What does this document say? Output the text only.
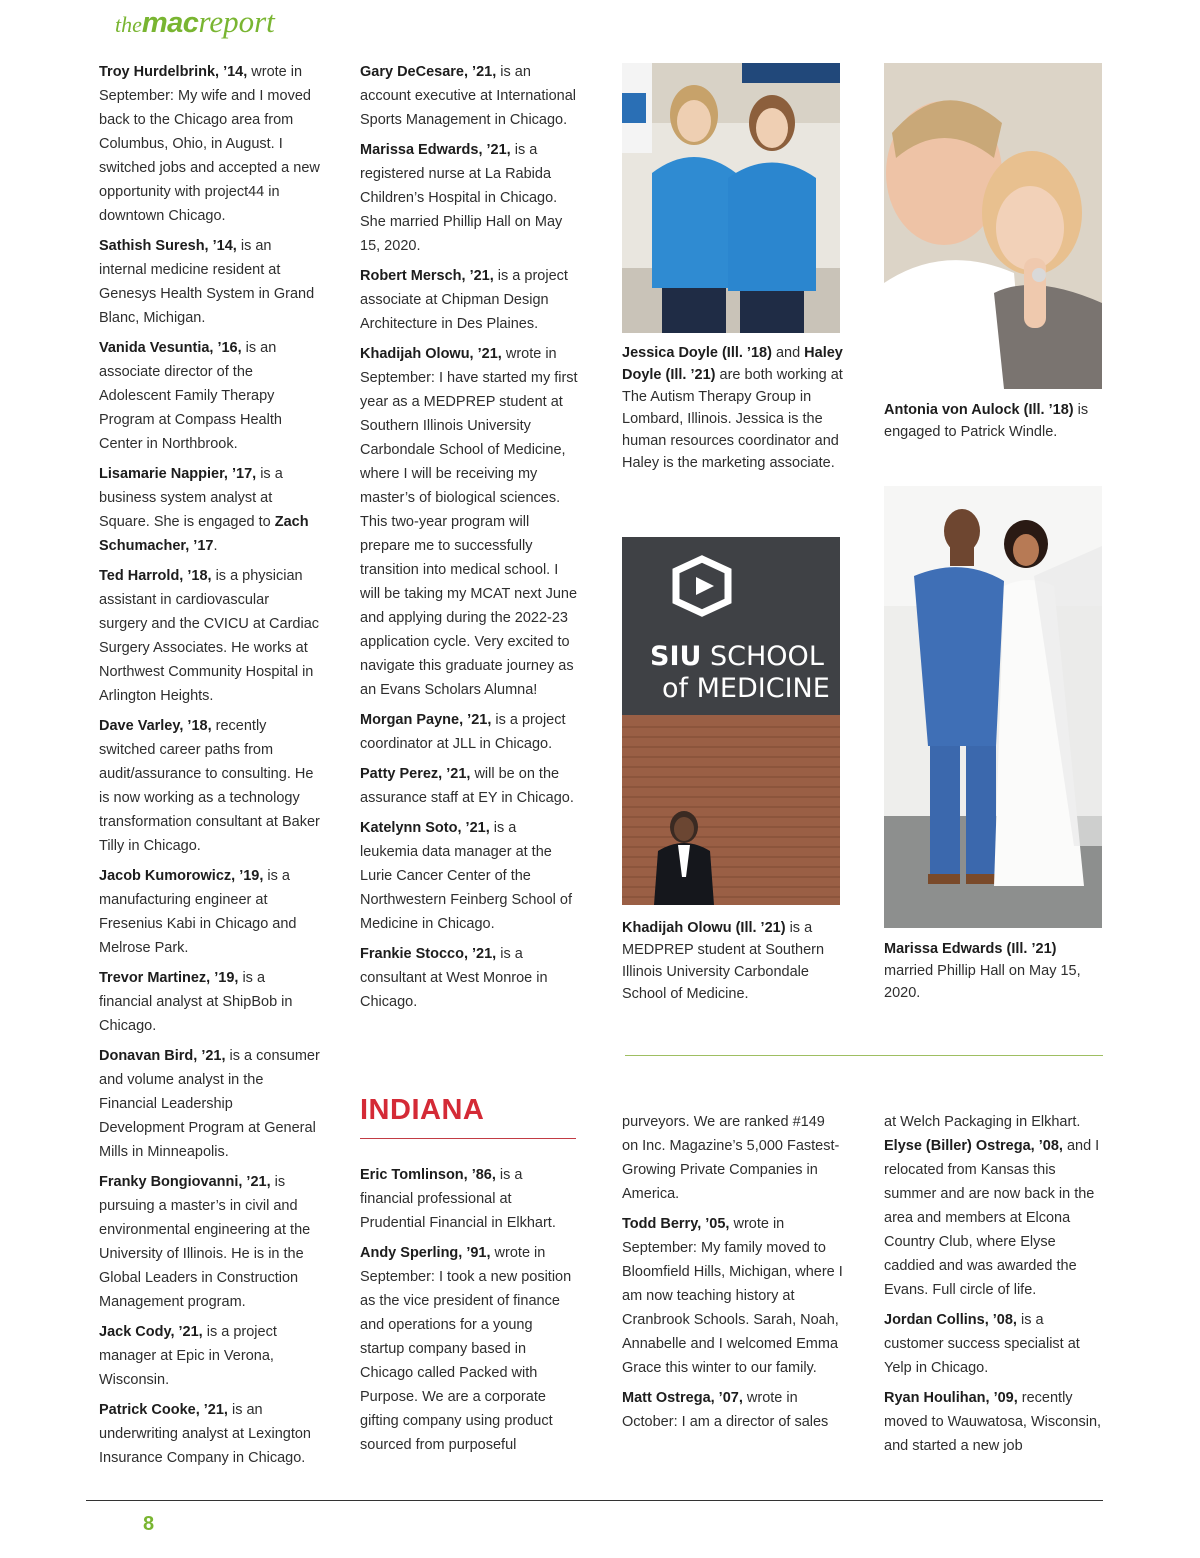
themacreport

Troy Hurdelbrink, ’14, wrote in September: My wife and I moved back to the Chicago area from Columbus, Ohio, in August. I switched jobs and accepted a new opportunity with project44 in downtown Chicago.

Sathish Suresh, ’14, is an internal medicine resident at Genesys Health System in Grand Blanc, Michigan.

Vanida Vesuntia, ’16, is an associate director of the Adolescent Family Therapy Program at Compass Health Center in Northbrook.

Lisamarie Nappier, ’17, is a business system analyst at Square. She is engaged to Zach Schumacher, ’17.

Ted Harrold, ’18, is a physician assistant in cardiovascular surgery and the CVICU at Cardiac Surgery Associates. He works at Northwest Community Hospital in Arlington Heights.

Dave Varley, ’18, recently switched career paths from audit/assurance to consulting. He is now working as a technology transformation consultant at Baker Tilly in Chicago.

Jacob Kumorowicz, ’19, is a manufacturing engineer at Fresenius Kabi in Chicago and Melrose Park.

Trevor Martinez, ’19, is a financial analyst at ShipBob in Chicago.

Donavan Bird, ’21, is a consumer and volume analyst in the Financial Leadership Development Program at General Mills in Minneapolis.

Franky Bongiovanni, ’21, is pursuing a master’s in civil and environmental engineering at the University of Illinois. He is in the Global Leaders in Construction Management program.

Jack Cody, ’21, is a project manager at Epic in Verona, Wisconsin.

Patrick Cooke, ’21, is an underwriting analyst at Lexington Insurance Company in Chicago.

Gary DeCesare, ’21, is an account executive at International Sports Management in Chicago.

Marissa Edwards, ’21, is a registered nurse at La Rabida Children’s Hospital in Chicago. She married Phillip Hall on May 15, 2020.

Robert Mersch, ’21, is a project associate at Chipman Design Architecture in Des Plaines.

Khadijah Olowu, ’21, wrote in September: I have started my first year as a MEDPREP student at Southern Illinois University Carbondale School of Medicine, where I will be receiving my master’s of biological sciences. This two-year program will prepare me to successfully transition into medical school. I will be taking my MCAT next June and applying during the 2022-23 application cycle. Very excited to navigate this graduate journey as an Evans Scholars Alumna!

Morgan Payne, ’21, is a project coordinator at JLL in Chicago.

Patty Perez, ’21, will be on the assurance staff at EY in Chicago.

Katelynn Soto, ’21, is a leukemia data manager at the Lurie Cancer Center of the Northwestern Feinberg School of Medicine in Chicago.

Frankie Stocco, ’21, is a consultant at West Monroe in Chicago.

INDIANA

Eric Tomlinson, ’86, is a financial professional at Prudential Financial in Elkhart.

Andy Sperling, ’91, wrote in September: I took a new position as the vice president of finance and operations for a young startup company based in Chicago called Packed with Purpose. We are a corporate gifting company using product sourced from purposeful

Jessica Doyle (Ill. ’18) and Haley Doyle (Ill. ’21) are both working at The Autism Therapy Group in Lombard, Illinois. Jessica is the human resources coordinator and Haley is the marketing associate.
Antonia von Aulock (Ill. ’18) is engaged to Patrick Windle.
SIU SCHOOL
of MEDICINE
Khadijah Olowu (Ill. ’21) is a MEDPREP student at Southern Illinois University Carbondale School of Medicine.
Marissa Edwards (Ill. ’21) married Phillip Hall on May 15, 2020.

purveyors. We are ranked #149 on Inc. Magazine’s 5,000 Fastest-Growing Private Companies in America.

Todd Berry, ’05, wrote in September: My family moved to Bloomfield Hills, Michigan, where I am now teaching history at Cranbrook Schools. Sarah, Noah, Annabelle and I welcomed Emma Grace this winter to our family.

Matt Ostrega, ’07, wrote in October: I am a director of sales

at Welch Packaging in Elkhart.

Elyse (Biller) Ostrega, ’08, and I relocated from Kansas this summer and are now back in the area and members at Elcona Country Club, where Elyse caddied and was awarded the Evans. Full circle of life.

Jordan Collins, ’08, is a customer success specialist at Yelp in Chicago.

Ryan Houlihan, ’09, recently moved to Wauwatosa, Wisconsin, and started a new job

8
